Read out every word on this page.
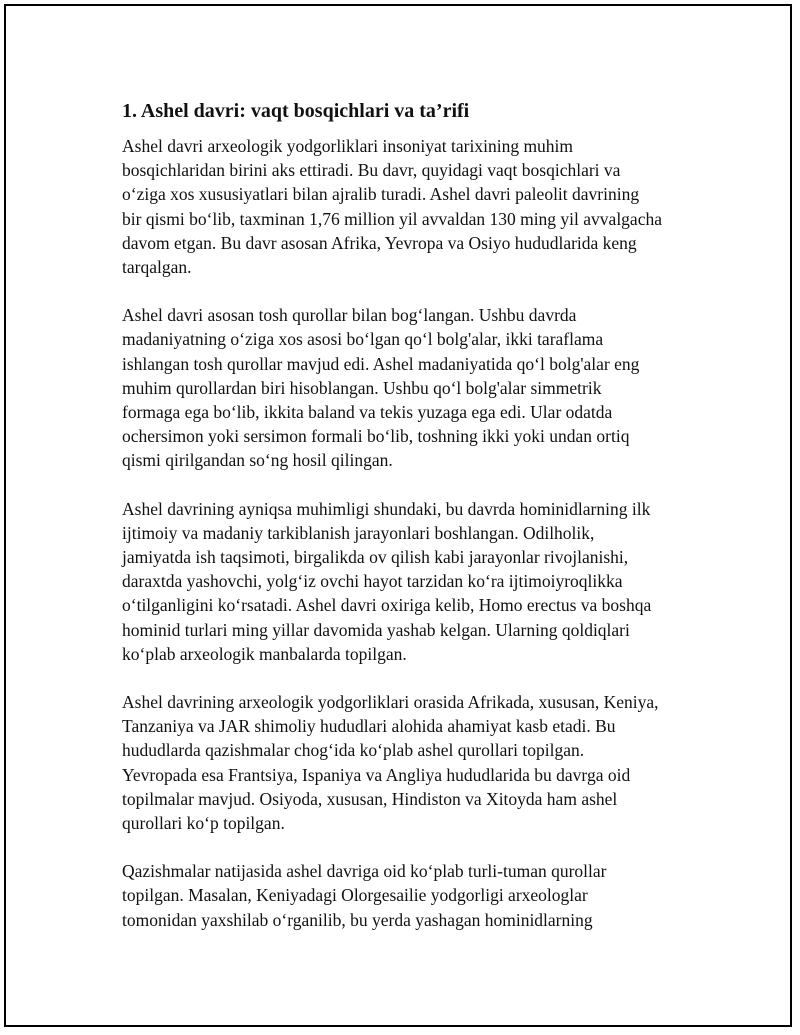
1. Ashel davri: vaqt bosqichlari va ta’rifi

Ashel davri arxeologik yodgorliklari insoniyat tarixining muhim
bosqichlaridan birini aks ettiradi. Bu davr, quyidagi vaqt bosqichlari va
o‘ziga xos xususiyatlari bilan ajralib turadi. Ashel davri paleolit davrining
bir qismi bo‘lib, taxminan 1,76 million yil avvaldan 130 ming yil avvalgacha
davom etgan. Bu davr asosan Afrika, Yevropa va Osiyo hududlarida keng
tarqalgan.

Ashel davri asosan tosh qurollar bilan bog‘langan. Ushbu davrda
madaniyatning o‘ziga xos asosi bo‘lgan qo‘l bolg'alar, ikki taraflama
ishlangan tosh qurollar mavjud edi. Ashel madaniyatida qo‘l bolg'alar eng
muhim qurollardan biri hisoblangan. Ushbu qo‘l bolg'alar simmetrik
formaga ega bo‘lib, ikkita baland va tekis yuzaga ega edi. Ular odatda
ochersimon yoki sersimon formali bo‘lib, toshning ikki yoki undan ortiq
qismi qirilgandan so‘ng hosil qilingan.

Ashel davrining ayniqsa muhimligi shundaki, bu davrda hominidlarning ilk
ijtimoiy va madaniy tarkiblanish jarayonlari boshlangan. Odilholik,
jamiyatda ish taqsimoti, birgalikda ov qilish kabi jarayonlar rivojlanishi,
daraxtda yashovchi, yolg‘iz ovchi hayot tarzidan ko‘ra ijtimoiyroqlikka
o‘tilganligini ko‘rsatadi. Ashel davri oxiriga kelib, Homo erectus va boshqa
hominid turlari ming yillar davomida yashab kelgan. Ularning qoldiqlari
ko‘plab arxeologik manbalarda topilgan.

Ashel davrining arxeologik yodgorliklari orasida Afrikada, xususan, Keniya,
Tanzaniya va JAR shimoliy hududlari alohida ahamiyat kasb etadi. Bu
hududlarda qazishmalar chog‘ida ko‘plab ashel qurollari topilgan.
Yevropada esa Frantsiya, Ispaniya va Angliya hududlarida bu davrga oid
topilmalar mavjud. Osiyoda, xususan, Hindiston va Xitoyda ham ashel
qurollari ko‘p topilgan.

Qazishmalar natijasida ashel davriga oid ko‘plab turli-tuman qurollar
topilgan. Masalan, Keniyadagi Olorgesailie yodgorligi arxeologlar
tomonidan yaxshilab o‘rganilib, bu yerda yashagan hominidlarning
